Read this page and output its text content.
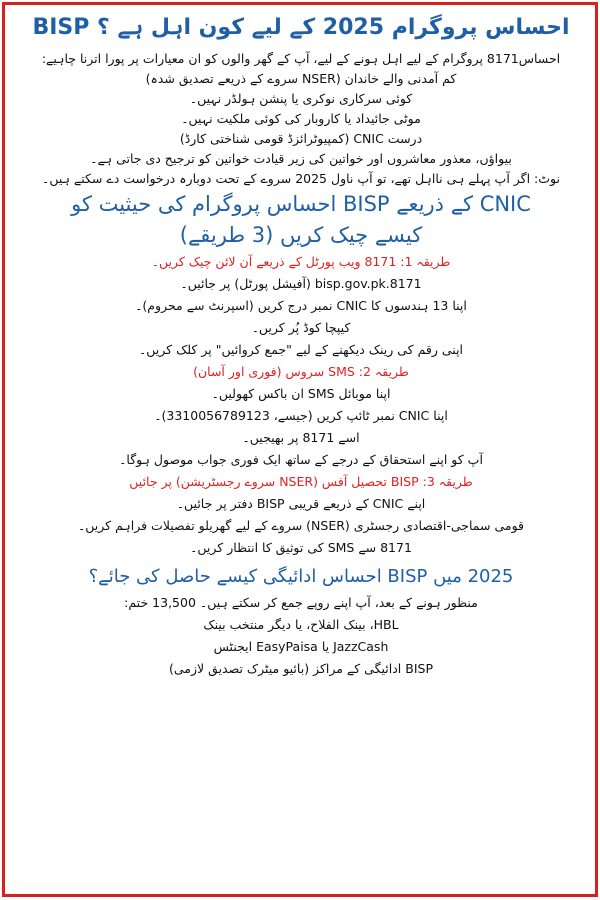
احساس پروگرام 2025 کے لیے کون اہل ہے ؟ BISP
احساس8171 پروگرام کے لیے اہل ہونے کے لیے، آپ کے گھر والوں کو ان معیارات پر پورا اترنا چاہیے:
کم آمدنی والے خاندان (NSER سروے کے ذریعے تصدیق شدہ)
کوئی سرکاری نوکری یا پنشن ہولڈر نہیں۔
موٹی جائیداد یا کاروبار کی کوئی ملکیت نہیں۔
درست CNIC (کمپیوٹرائزڈ قومی شناختی کارڈ)
بیواؤں، معذور معاشروں اور خواتین کی زیر قیادت خواتین کو ترجیح دی جاتی ہے۔
نوٹ: اگر آپ پہلے ہی نااہل تھے، تو آپ ناول 2025 سروے کے تحت دوبارہ درخواست دے سکتے ہیں۔
CNIC کے ذریعے BISP احساس پروگرام کی حیثیت کو کیسے چیک کریں (3 طریقے)
طریقہ 1: 8171 ویب پورٹل کے ذریعے آن لائن چیک کریں۔
bisp.gov.pk.8171 (آفیشل پورٹل) پر جائیں۔
اپنا 13 ہندسوں کا CNIC نمبر درج کریں (اسپرنٹ سے محروم)۔
کیپچا کوڈ پُر کریں۔
اپنی رقم کی رینک دیکھنے کے لیے "جمع کروائیں" پر کلک کریں۔
طریقہ 2: SMS سروس (فوری اور آسان)
اپنا موبائل SMS ان باکس کھولیں۔
اپنا CNIC نمبر ٹائپ کریں (جیسے، 3310056789123)۔
اسے 8171 پر بھیجیں۔
آپ کو اپنے استحقاق کے درجے کے ساتھ ایک فوری جواب موصول ہوگا۔
طریقہ 3: BISP تحصیل آفس (NSER سروے رجسٹریشن) پر جائیں
اپنے CNIC کے ذریعے قریبی BISP دفتر پر جائیں۔
قومی سماجی-اقتصادی رجسٹری (NSER) سروے کے لیے گھریلو تفصیلات فراہم کریں۔
8171 سے SMS کی توثیق کا انتظار کریں۔
2025 میں BISP احساس ادائیگی کیسے حاصل کی جائے؟
منظور ہونے کے بعد، آپ اپنے روپے جمع کر سکتے ہیں۔ 13,500 ختم:
HBL، بینک الفلاح، یا دیگر منتخب بینک
JazzCash یا EasyPaisa ایجنٹس
BISP ادائیگی کے مراکز (بائیو میٹرک تصدیق لازمی)
